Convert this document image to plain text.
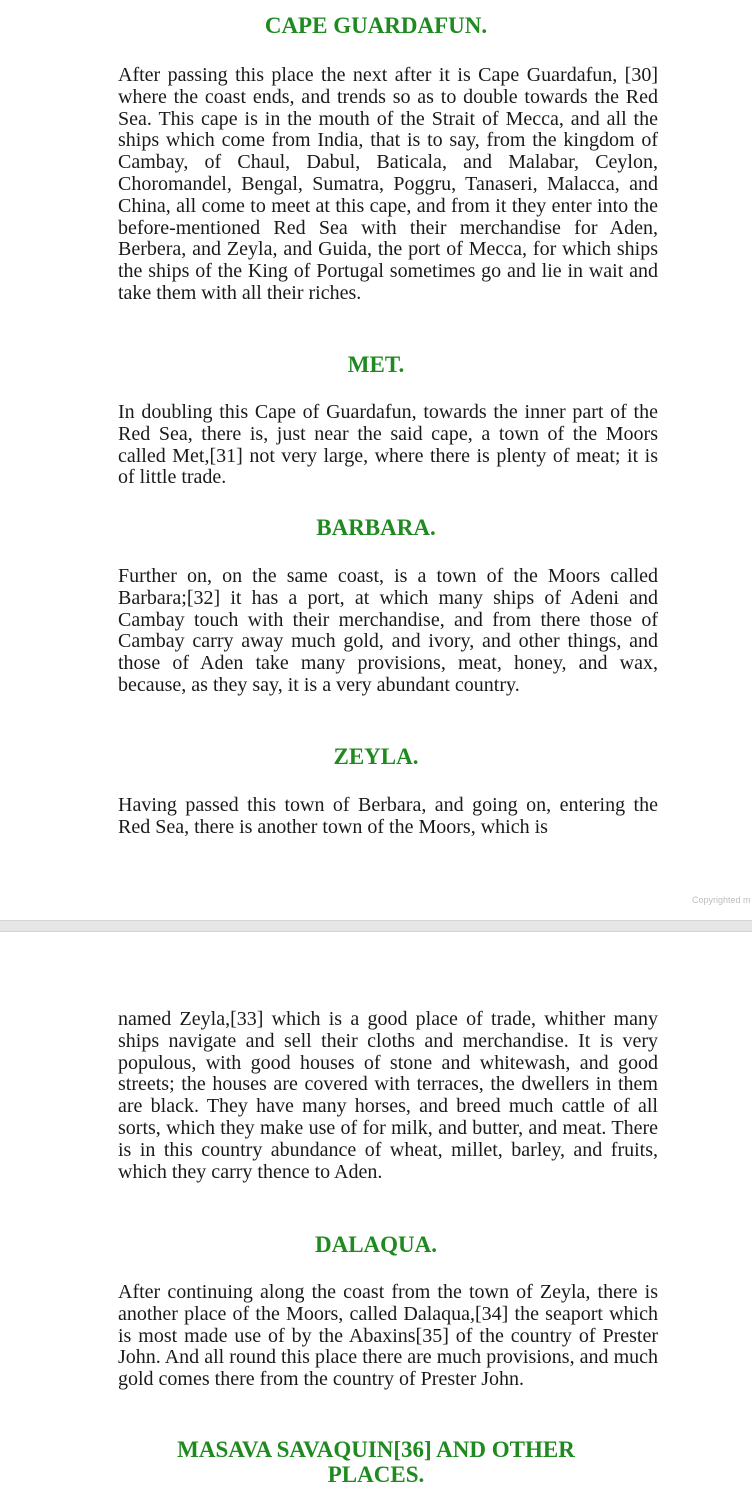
CAPE GUARDAFUN.

After passing this place the next after it is Cape Guardafun, [30] where the coast ends, and trends so as to double towards the Red Sea. This cape is in the mouth of the Strait of Mecca, and all the ships which come from India, that is to say, from the kingdom of Cambay, of Chaul, Dabul, Baticala, and Malabar, Ceylon, Choromandel, Bengal, Sumatra, Poggru, Tanaseri, Malacca, and China, all come to meet at this cape, and from it they enter into the before-mentioned Red Sea with their merchandise for Aden, Berbera, and Zeyla, and Guida, the port of Mecca, for which ships the ships of the King of Portugal sometimes go and lie in wait and take them with all their riches.

MET.

In doubling this Cape of Guardafun, towards the inner part of the Red Sea, there is, just near the said cape, a town of the Moors called Met,[31] not very large, where there is plenty of meat; it is of little trade.

BARBARA.

Further on, on the same coast, is a town of the Moors called Barbara;[32] it has a port, at which many ships of Adeni and Cambay touch with their merchandise, and from there those of Cambay carry away much gold, and ivory, and other things, and those of Aden take many provisions, meat, honey, and wax, because, as they say, it is a very abundant country.

ZEYLA.

Having passed this town of Berbara, and going on, entering the Red Sea, there is another town of the Moors, which is

Copyrighted m

named Zeyla,[33] which is a good place of trade, whither many ships navigate and sell their cloths and merchandise. It is very populous, with good houses of stone and whitewash, and good streets; the houses are covered with terraces, the dwellers in them are black. They have many horses, and breed much cattle of all sorts, which they make use of for milk, and butter, and meat. There is in this country abundance of wheat, millet, barley, and fruits, which they carry thence to Aden.

DALAQUA.

After continuing along the coast from the town of Zeyla, there is another place of the Moors, called Dalaqua,[34] the seaport which is most made use of by the Abaxins[35] of the country of Prester John. And all round this place there are much provisions, and much gold comes there from the country of Prester John.

MASAVA SAVAQUIN[36] AND OTHER PLACES.
